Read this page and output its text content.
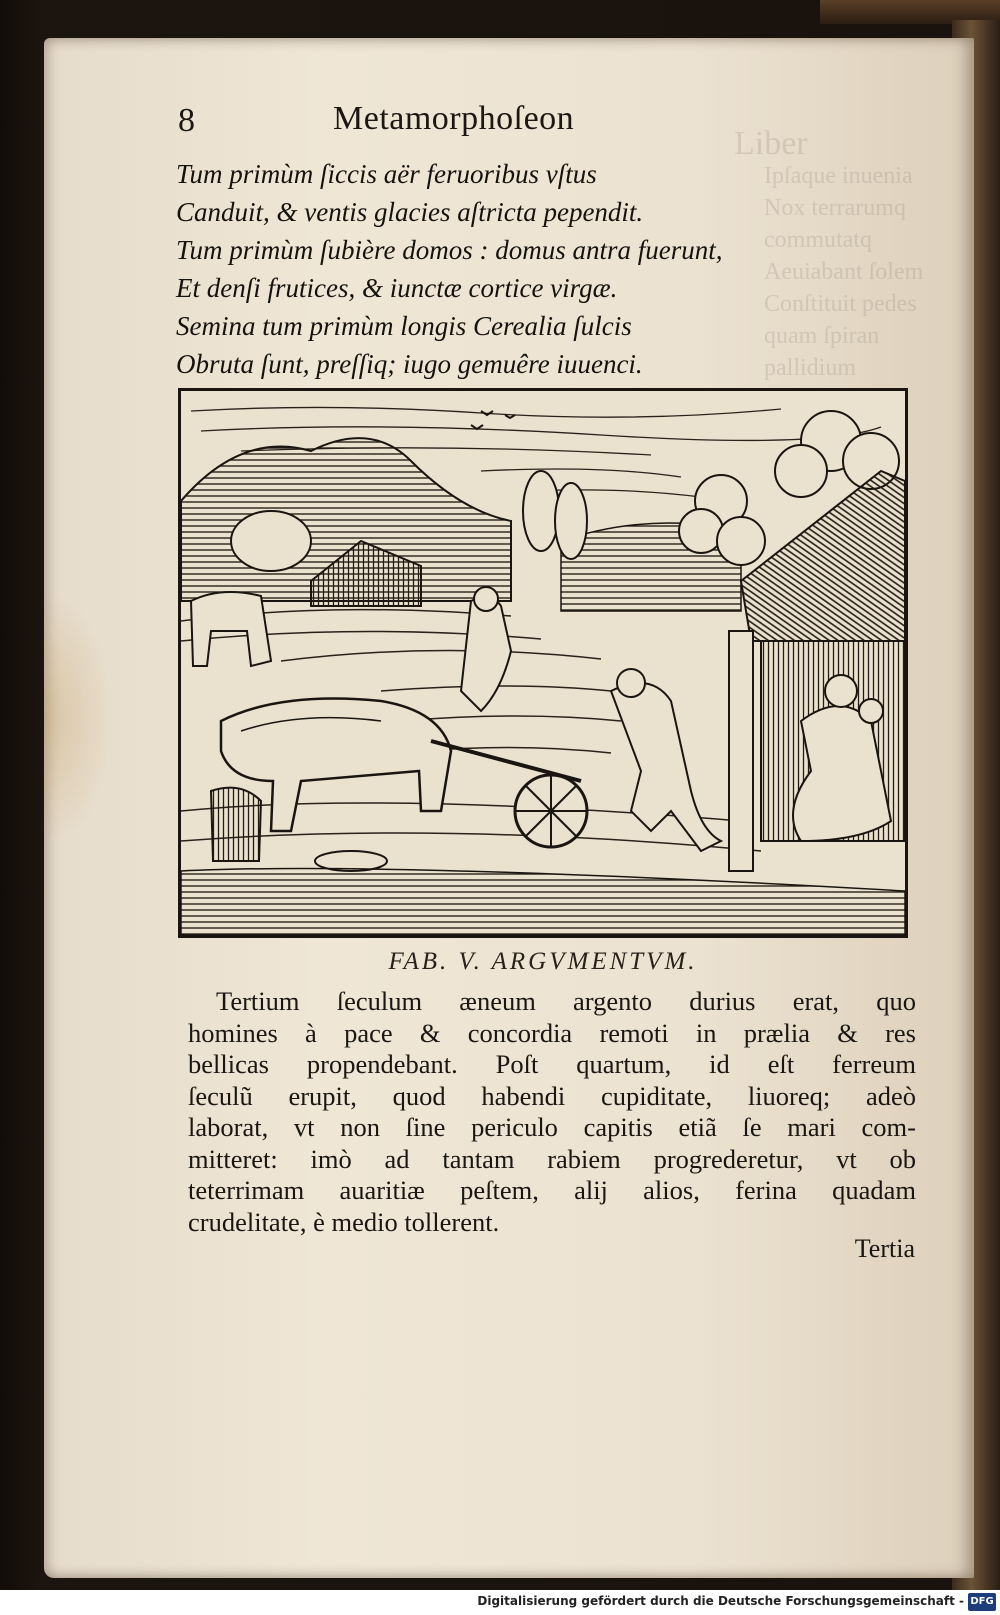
Liber
Ipſaque inuenia
Nox terrarumq
commutatq
Aeuiabant ſolem
Conſtituit pedes
quam ſpiran
pallidium
8	Metamorphoſeon
Tum primùm ſiccis aër feruoribus vſtus
Canduit, & ventis glacies aſtricta pependit.
Tum primùm ſubière domos : domus antra fuerunt,
Et denſi frutices, & iunctæ cortice virgæ.
Semina tum primùm longis Cerealia ſulcis
Obruta ſunt, preſſiq; iugo gemuêre iuuenci.
FAB. V. ARGVMENTVM.
Tertium ſeculum æneum argento durius erat, quo
homines à pace & concordia remoti in prælia & res
bellicas propendebant. Poſt quartum, id eſt ferreum
ſeculũ erupit, quod habendi cupiditate, liuoreq; adeò
laborat, vt non ſine periculo capitis etiã ſe mari com-
mitteret: imò ad tantam rabiem progrederetur, vt ob
teterrimam auaritiæ peſtem, alij alios, ferina quadam
crudelitate, è medio tollerent.
Tertia
Digitalisierung gefördert durch die Deutsche Forschungsgemeinschaft - DFG
